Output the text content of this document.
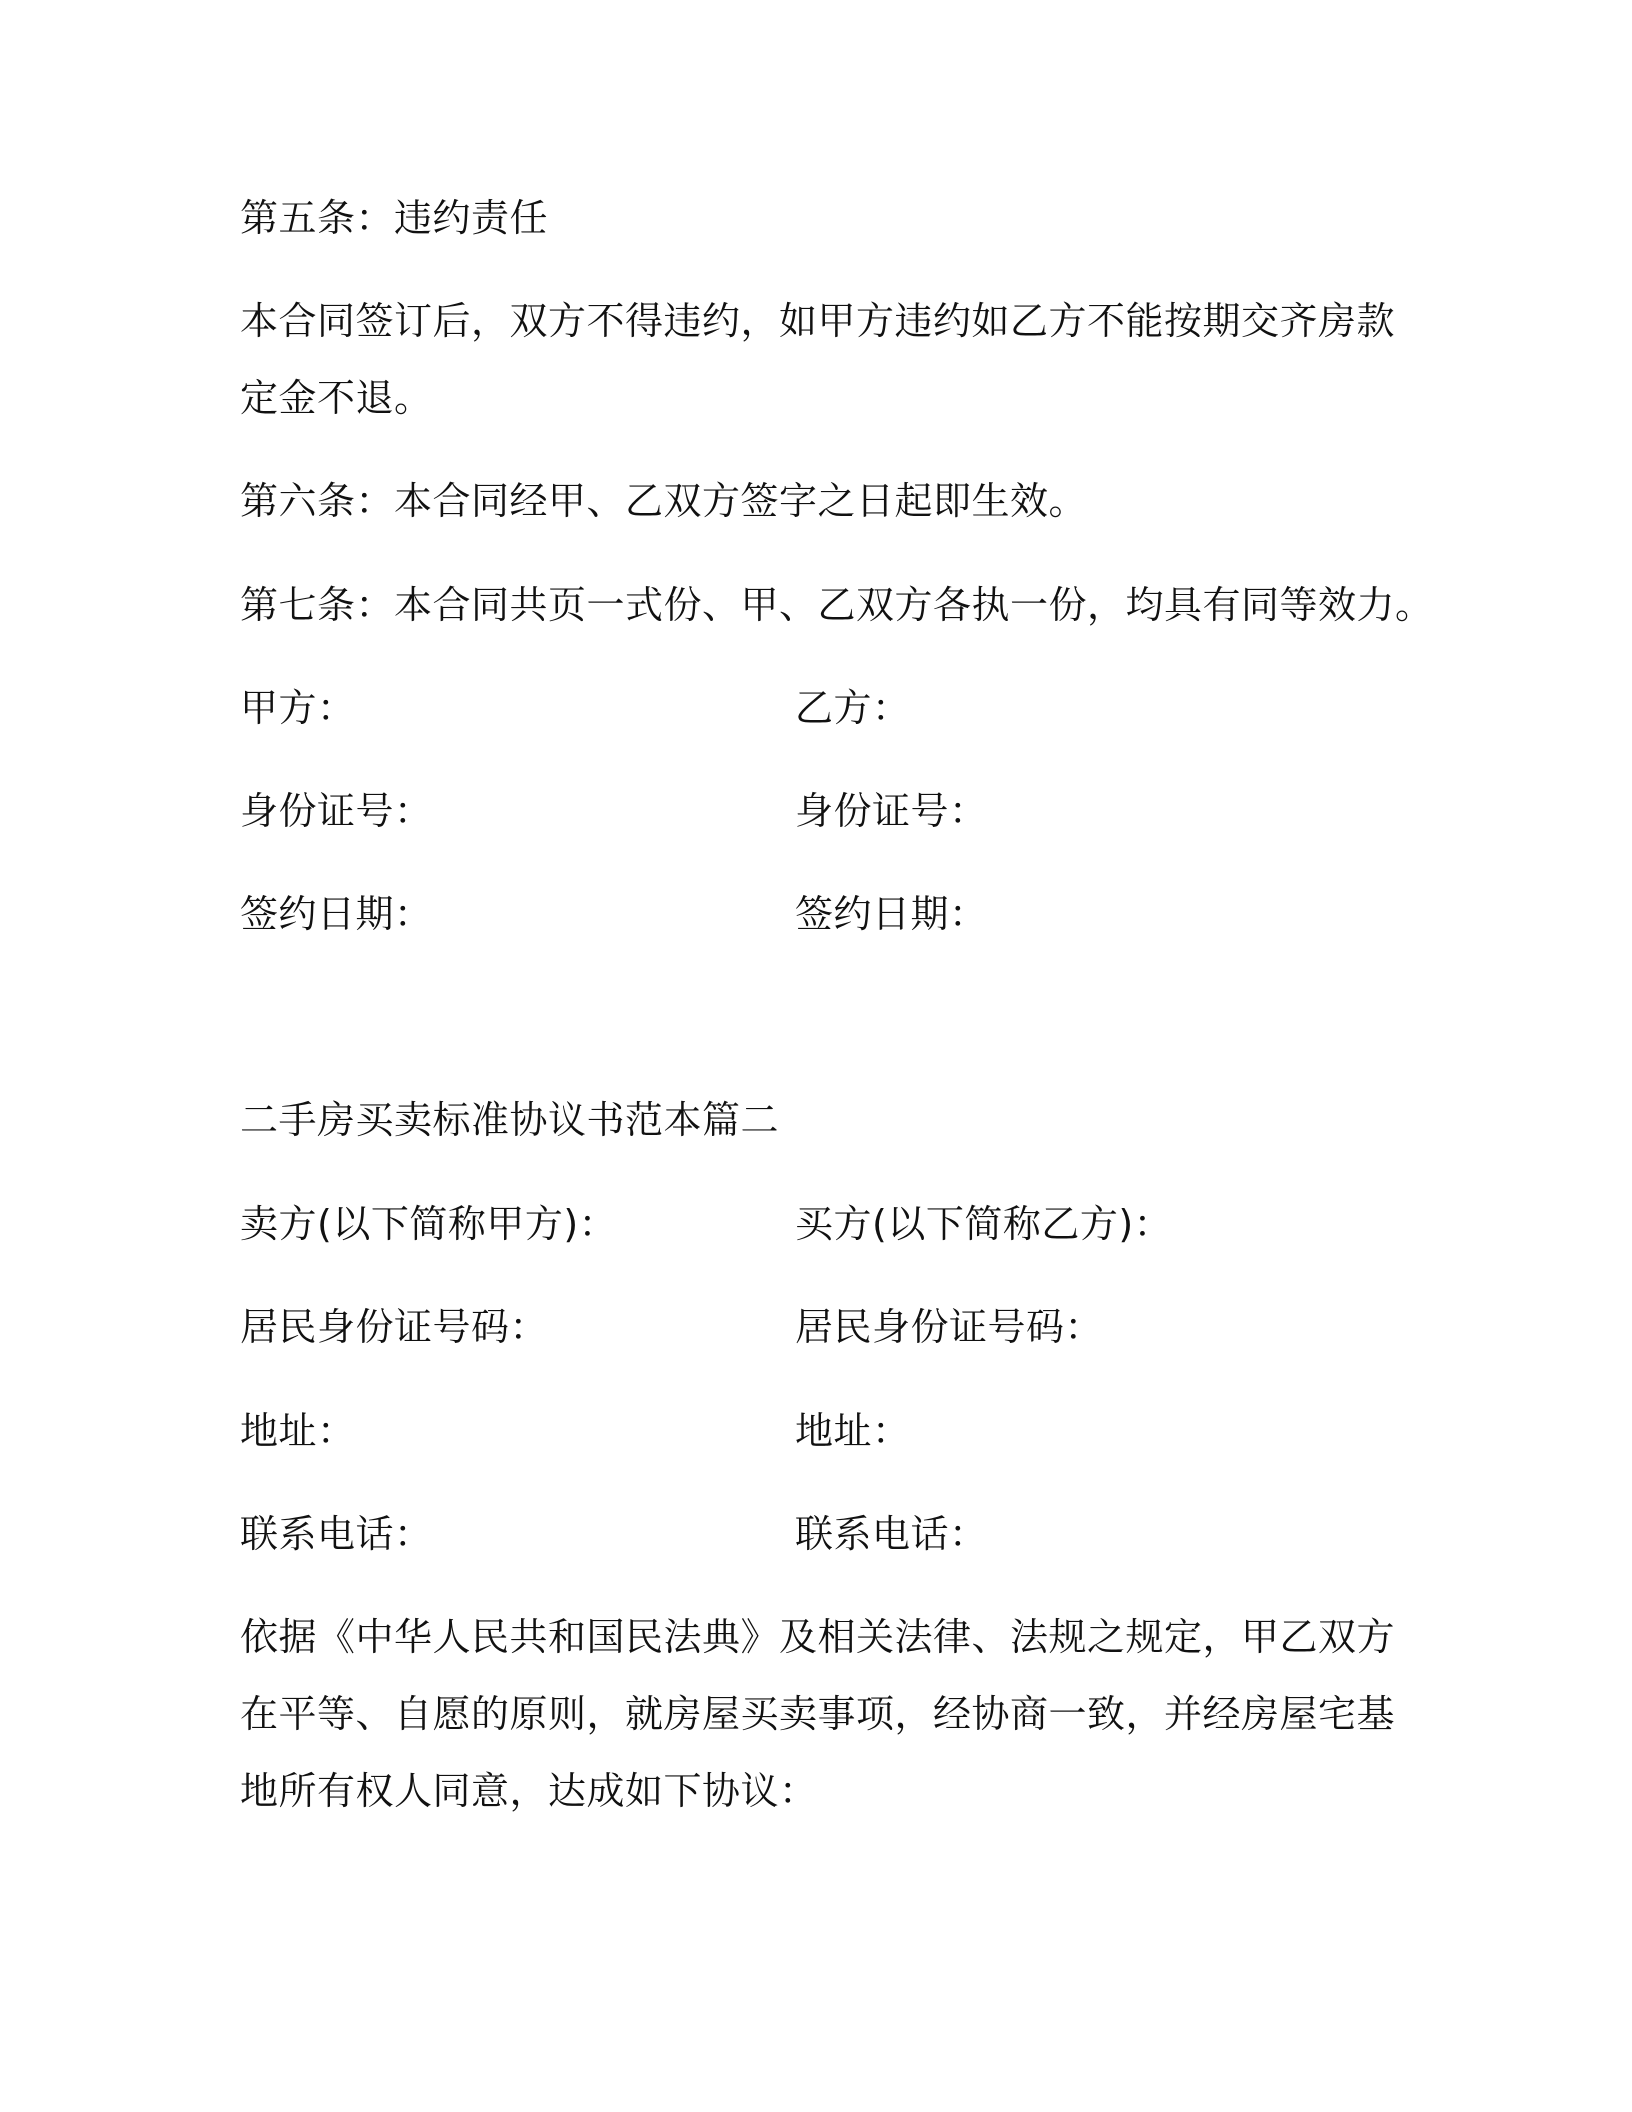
第五条：违约责任
本合同签订后，双方不得违约，如甲方违约如乙方不能按期交齐房款
定金不退。
第六条：本合同经甲、乙双方签字之日起即生效。
第七条：本合同共页一式份、甲、乙双方各执一份，均具有同等效力。
甲方：	乙方：
身份证号：	身份证号：
签约日期：	签约日期：
二手房买卖标准协议书范本篇二
卖方(以下简称甲方)：	买方(以下简称乙方)：
居民身份证号码：	居民身份证号码：
地址：	地址：
联系电话：	联系电话：
依据《中华人民共和国民法典》及相关法律、法规之规定，甲乙双方
在平等、自愿的原则，就房屋买卖事项，经协商一致，并经房屋宅基
地所有权人同意，达成如下协议：
